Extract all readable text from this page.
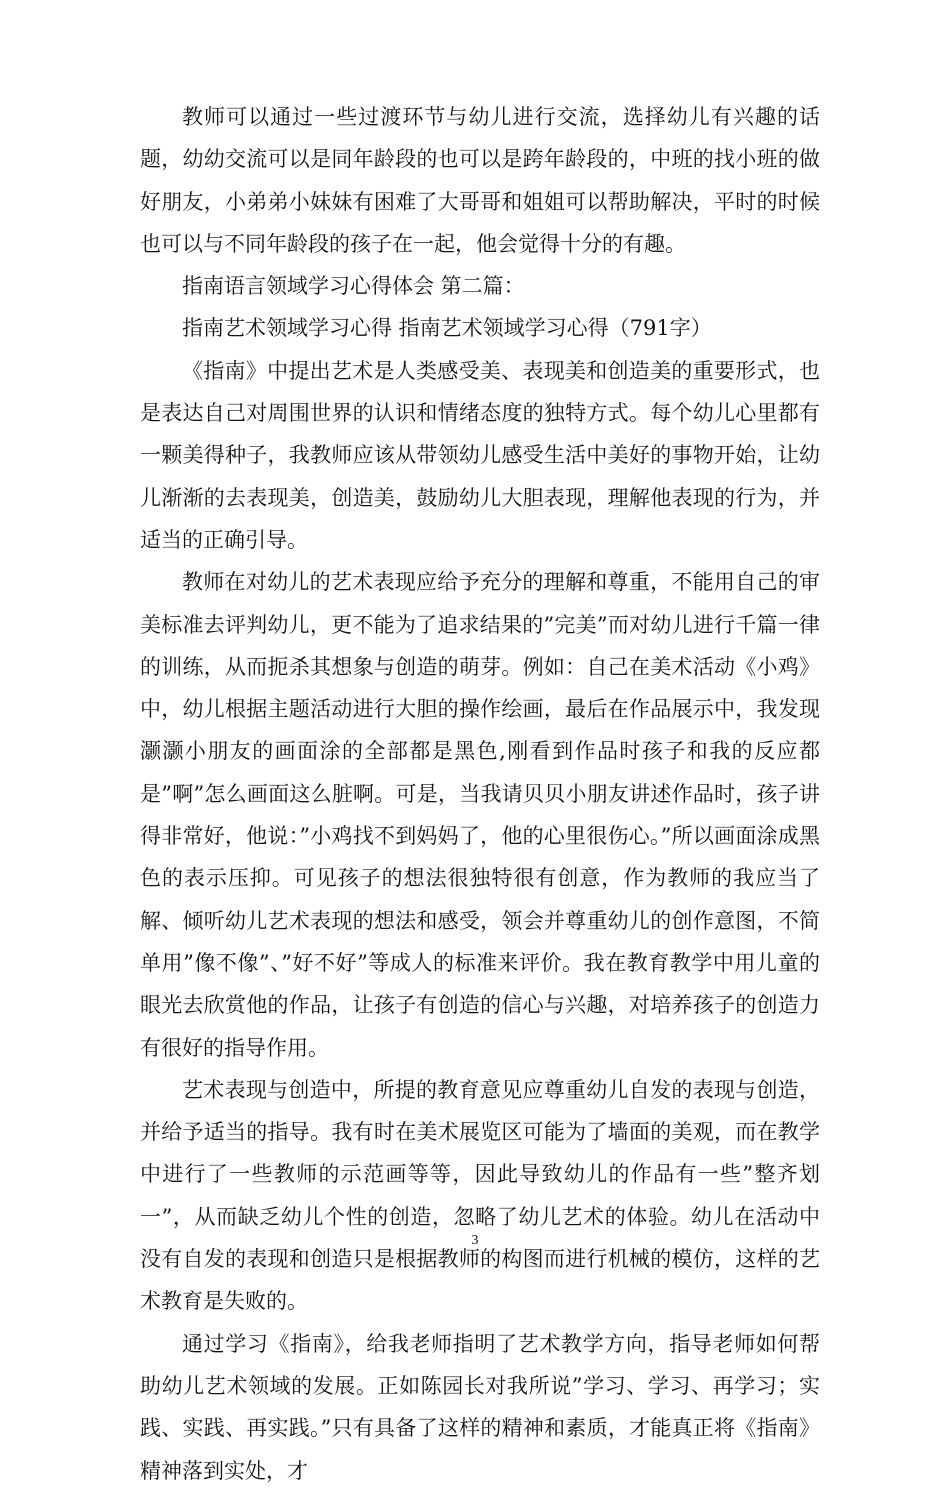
教师可以通过一些过渡环节与幼儿进行交流，选择幼儿有兴趣的话题，幼幼交流可以是同年龄段的也可以是跨年龄段的，中班的找小班的做好朋友，小弟弟小妹妹有困难了大哥哥和姐姐可以帮助解决，平时的时候也可以与不同年龄段的孩子在一起，他会觉得十分的有趣。

指南语言领域学习心得体会 第二篇：

指南艺术领域学习心得 指南艺术领域学习心得（791字）

《指南》中提出艺术是人类感受美、表现美和创造美的重要形式，也是表达自己对周围世界的认识和情绪态度的独特方式。每个幼儿心里都有一颗美得种子，我教师应该从带领幼儿感受生活中美好的事物开始，让幼儿渐渐的去表现美，创造美，鼓励幼儿大胆表现，理解他表现的行为，并适当的正确引导。

教师在对幼儿的艺术表现应给予充分的理解和尊重，不能用自己的审美标准去评判幼儿，更不能为了追求结果的”完美”而对幼儿进行千篇一律的训练，从而扼杀其想象与创造的萌芽。例如：自己在美术活动《小鸡》中，幼儿根据主题活动进行大胆的操作绘画，最后在作品展示中，我发现灏灏小朋友的画面涂的全部都是黑色,刚看到作品时孩子和我的反应都是”啊”怎么画面这么脏啊。可是，当我请贝贝小朋友讲述作品时，孩子讲得非常好，他说：”小鸡找不到妈妈了，他的心里很伤心。”所以画面涂成黑色的表示压抑。可见孩子的想法很独特很有创意，作为教师的我应当了解、倾听幼儿艺术表现的想法和感受，领会并尊重幼儿的创作意图，不简单用”像不像”、”好不好”等成人的标准来评价。我在教育教学中用儿童的眼光去欣赏他的作品，让孩子有创造的信心与兴趣，对培养孩子的创造力有很好的指导作用。

艺术表现与创造中，所提的教育意见应尊重幼儿自发的表现与创造，并给予适当的指导。我有时在美术展览区可能为了墙面的美观，而在教学中进行了一些教师的示范画等等，因此导致幼儿的作品有一些”整齐划一”，从而缺乏幼儿个性的创造，忽略了幼儿艺术的体验。幼儿在活动中没有自发的表现和创造只是根据教师的构图而进行机械的模仿，这样的艺术教育是失败的。

通过学习《指南》，给我老师指明了艺术教学方向，指导老师如何帮助幼儿艺术领域的发展。正如陈园长对我所说”学习、学习、再学习；实践、实践、再实践。”只有具备了这样的精神和素质，才能真正将《指南》精神落到实处，才

3
